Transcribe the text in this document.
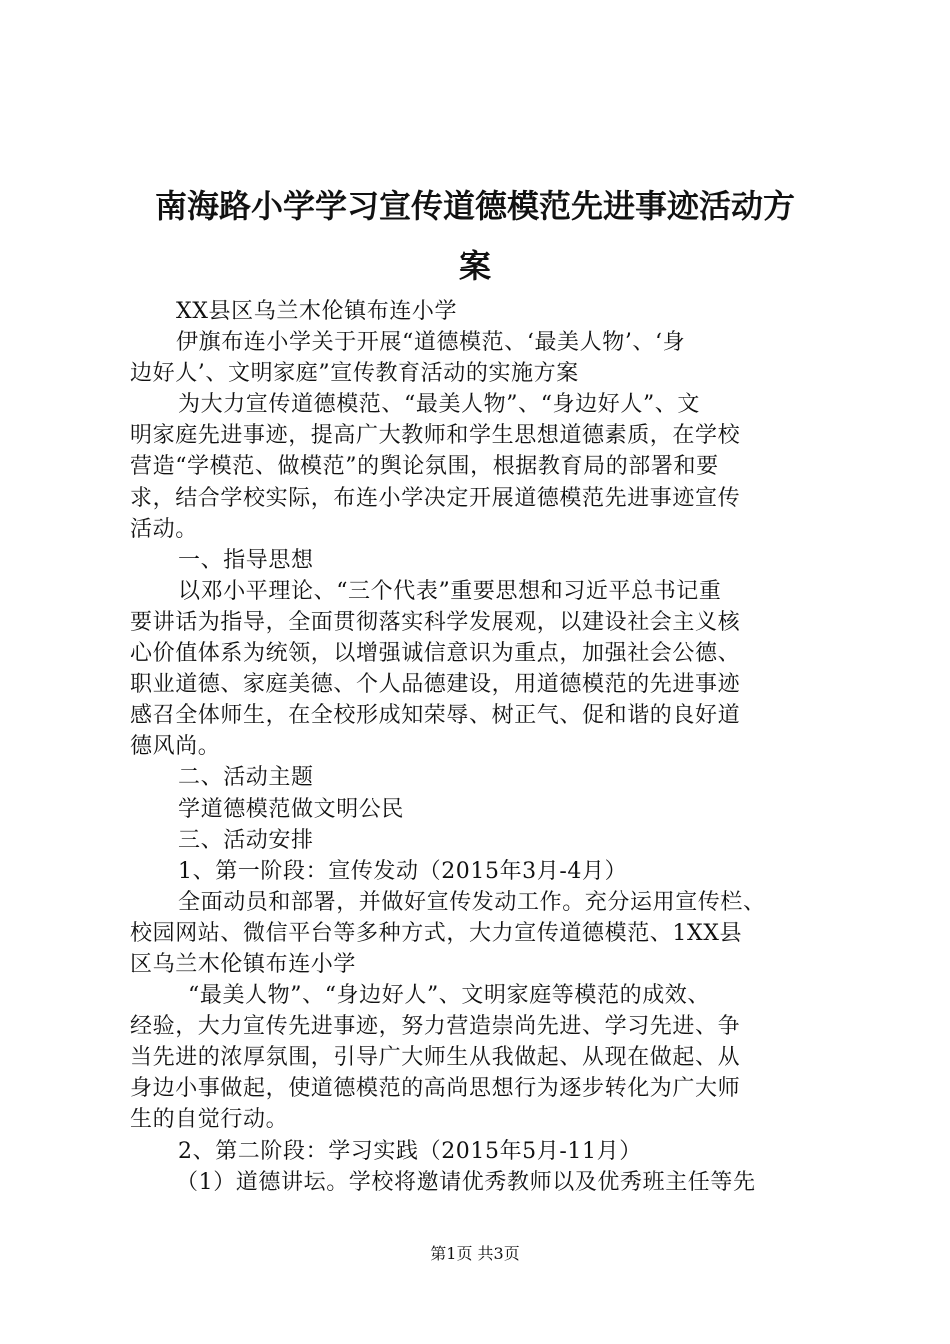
南海路小学学习宣传道德模范先进事迹活动方
案

XX县区乌兰木伦镇布连小学

伊旗布连小学关于开展“道德模范、‘最美人物’、‘身

边好人’、文明家庭”宣传教育活动的实施方案

为大力宣传道德模范、“最美人物”、“身边好人”、文

明家庭先进事迹，提高广大教师和学生思想道德素质，在学校

营造“学模范、做模范”的舆论氛围，根据教育局的部署和要

求，结合学校实际，布连小学决定开展道德模范先进事迹宣传

活动。

一、指导思想

以邓小平理论、“三个代表”重要思想和习近平总书记重

要讲话为指导，全面贯彻落实科学发展观，以建设社会主义核

心价值体系为统领，以增强诚信意识为重点，加强社会公德、

职业道德、家庭美德、个人品德建设，用道德模范的先进事迹

感召全体师生，在全校形成知荣辱、树正气、促和谐的良好道

德风尚。

二、活动主题

学道德模范做文明公民

三、活动安排

1、第一阶段：宣传发动（2015年3月-4月）

全面动员和部署，并做好宣传发动工作。充分运用宣传栏、

校园网站、微信平台等多种方式，大力宣传道德模范、1XX县

区乌兰木伦镇布连小学

“最美人物”、“身边好人”、文明家庭等模范的成效、

经验，大力宣传先进事迹，努力营造崇尚先进、学习先进、争

当先进的浓厚氛围，引导广大师生从我做起、从现在做起、从

身边小事做起，使道德模范的高尚思想行为逐步转化为广大师

生的自觉行动。

2、第二阶段：学习实践（2015年5月-11月）

（1）道德讲坛。学校将邀请优秀教师以及优秀班主任等先

第1页 共3页
